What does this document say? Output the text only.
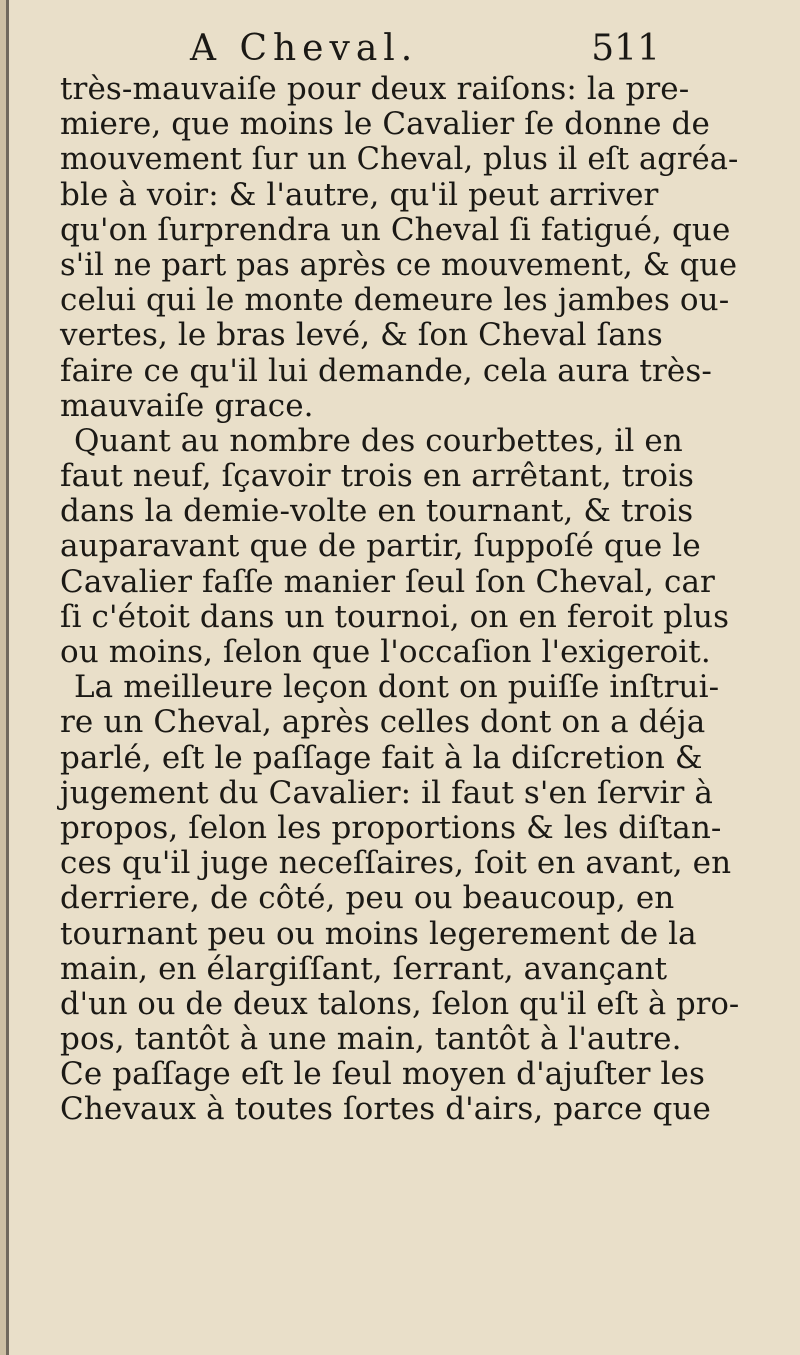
A Cheval.	511
très-mauvaiſe pour deux raiſons: la pre-
miere, que moins le Cavalier ſe donne de
mouvement ſur un Cheval, plus il eſt agréa-
ble à voir: & l'autre, qu'il peut arriver
qu'on ſurprendra un Cheval ſi fatigué, que
s'il ne part pas après ce mouvement, & que
celui qui le monte demeure les jambes ou-
vertes, le bras levé, & ſon Cheval ſans
faire ce qu'il lui demande, cela aura très-
mauvaiſe grace.
Quant au nombre des courbettes, il en
faut neuf, ſçavoir trois en arrêtant, trois
dans la demie-volte en tournant, & trois
auparavant que de partir, ſuppoſé que le
Cavalier faſſe manier ſeul ſon Cheval, car
ſi c'étoit dans un tournoi, on en feroit plus
ou moins, ſelon que l'occaſion l'exigeroit.
La meilleure leçon dont on puiſſe inſtrui-
re un Cheval, après celles dont on a déja
parlé, eſt le paſſage fait à la diſcretion &
jugement du Cavalier: il faut s'en ſervir à
propos, ſelon les proportions & les diſtan-
ces qu'il juge neceſſaires, ſoit en avant, en
derriere, de côté, peu ou beaucoup, en
tournant peu ou moins legerement de la
main, en élargiſſant, ſerrant, avançant
d'un ou de deux talons, ſelon qu'il eſt à pro-
pos, tantôt à une main, tantôt à l'autre.
Ce paſſage eſt le ſeul moyen d'ajuſter les
Chevaux à toutes ſortes d'airs, parce que
